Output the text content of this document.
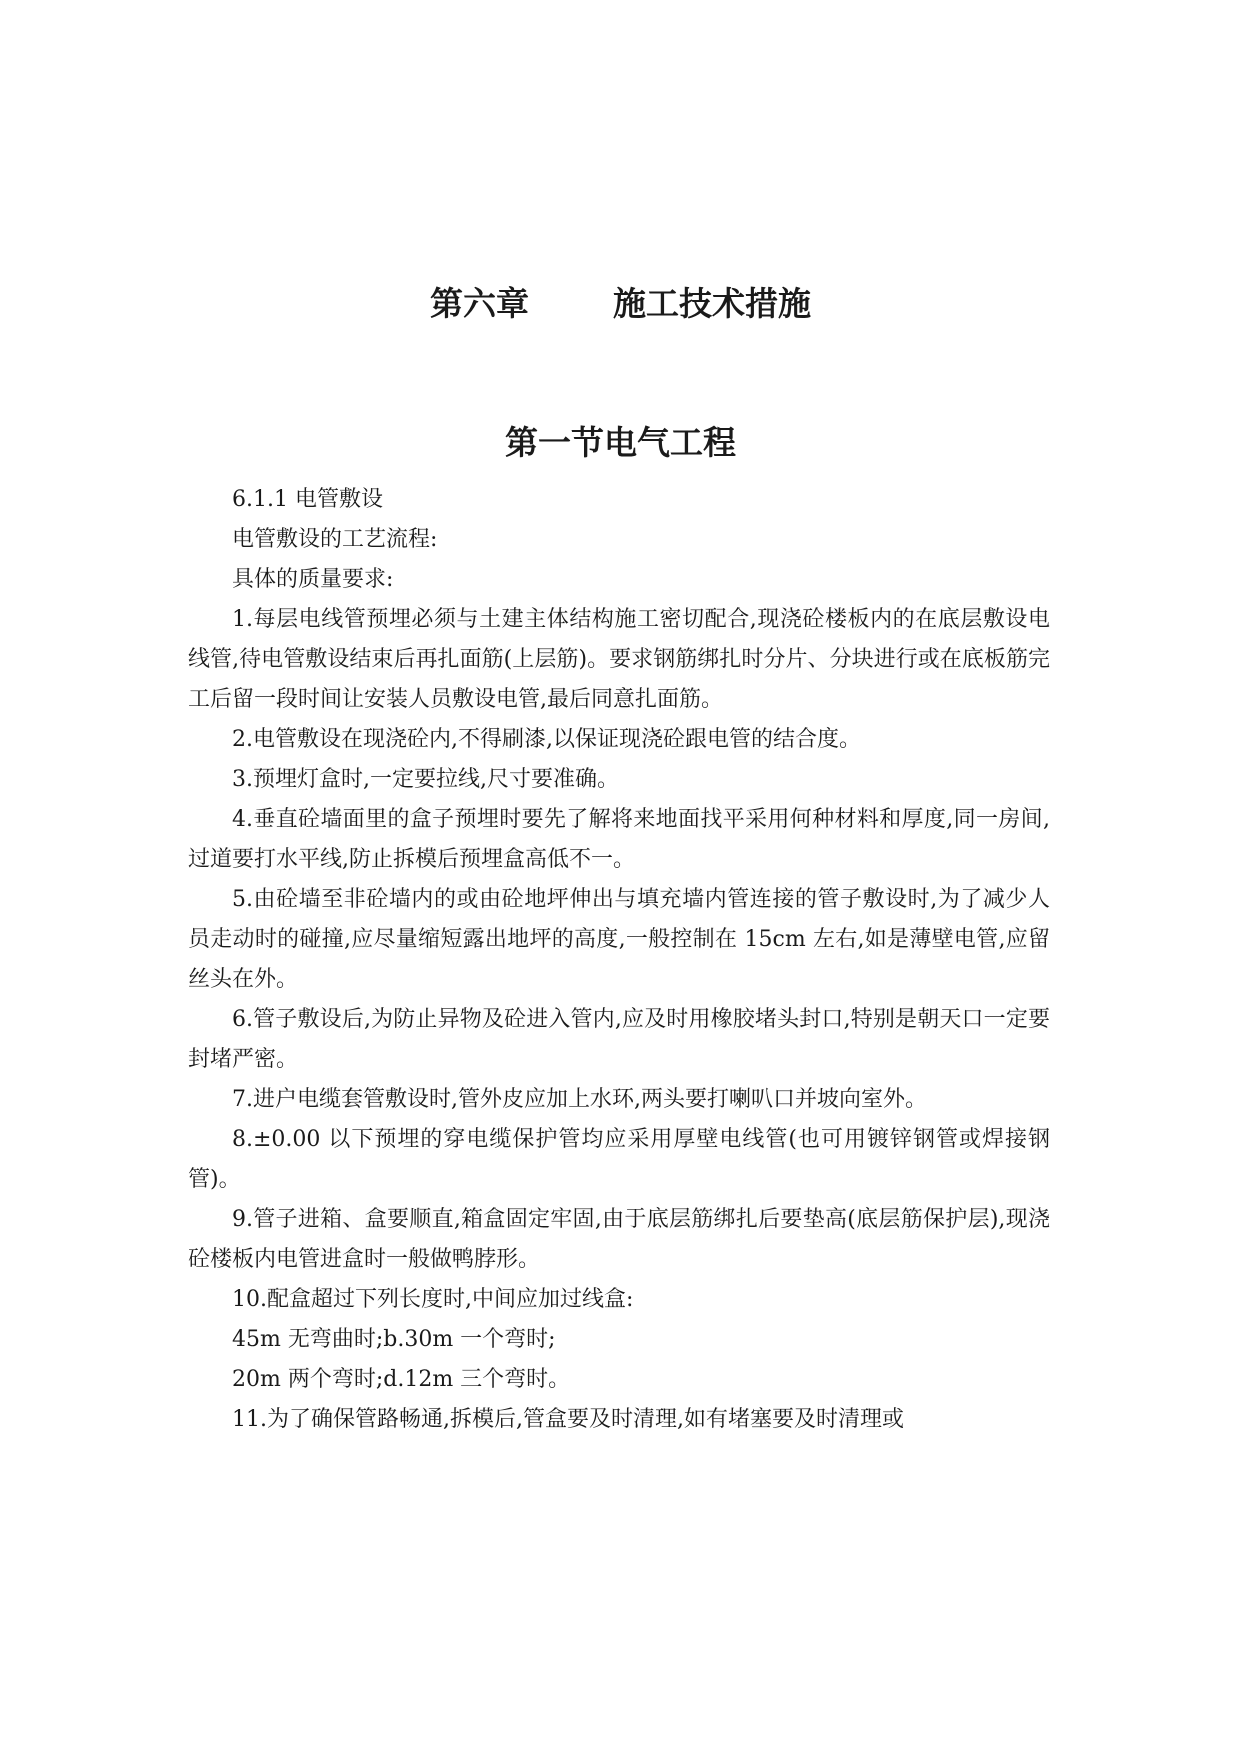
第六章	施工技术措施
第一节电气工程

6.1.1 电管敷设

电管敷设的工艺流程:

具体的质量要求:

1.每层电线管预埋必须与土建主体结构施工密切配合,现浇砼楼板内的在底层敷设电线管,待电管敷设结束后再扎面筋(上层筋)。要求钢筋绑扎时分片、分块进行或在底板筋完工后留一段时间让安装人员敷设电管,最后同意扎面筋。

2.电管敷设在现浇砼内,不得刷漆,以保证现浇砼跟电管的结合度。

3.预埋灯盒时,一定要拉线,尺寸要准确。

4.垂直砼墙面里的盒子预埋时要先了解将来地面找平采用何种材料和厚度,同一房间,过道要打水平线,防止拆模后预埋盒高低不一。

5.由砼墙至非砼墙内的或由砼地坪伸出与填充墙内管连接的管子敷设时,为了减少人员走动时的碰撞,应尽量缩短露出地坪的高度,一般控制在 15cm 左右,如是薄壁电管,应留丝头在外。

6.管子敷设后,为防止异物及砼进入管内,应及时用橡胶堵头封口,特别是朝天口一定要封堵严密。

7.进户电缆套管敷设时,管外皮应加上水环,两头要打喇叭口并坡向室外。

8.±0.00 以下预埋的穿电缆保护管均应采用厚壁电线管(也可用镀锌钢管或焊接钢管)。

9.管子进箱、盒要顺直,箱盒固定牢固,由于底层筋绑扎后要垫高(底层筋保护层),现浇砼楼板内电管进盒时一般做鸭脖形。

10.配盒超过下列长度时,中间应加过线盒:

45m 无弯曲时;b.30m 一个弯时;

20m 两个弯时;d.12m 三个弯时。

11.为了确保管路畅通,拆模后,管盒要及时清理,如有堵塞要及时清理或
